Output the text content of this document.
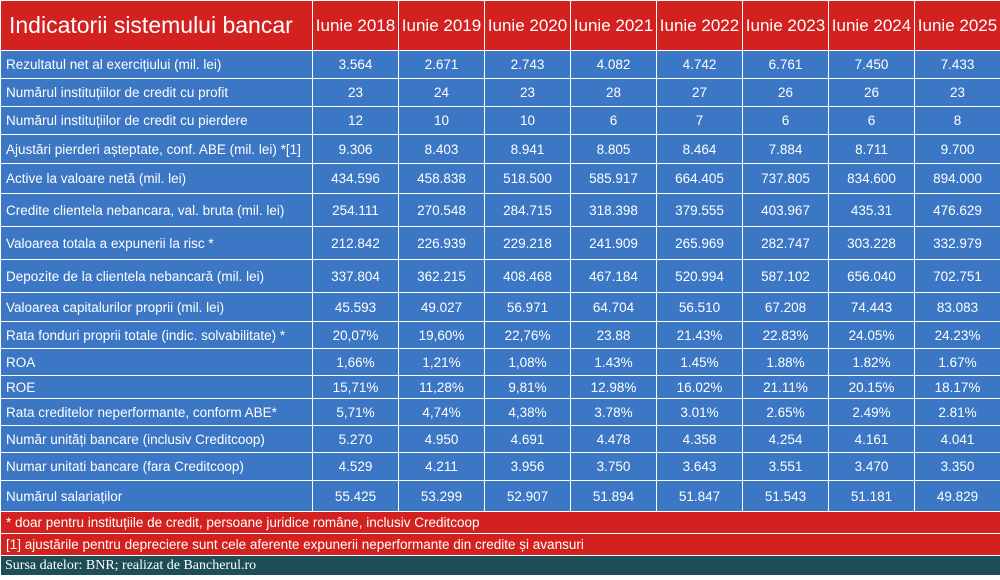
Indicatorii sistemului bancar	Iunie 2018	Iunie 2019	Iunie 2020	Iunie 2021	Iunie 2022	Iunie 2023	Iunie 2024	Iunie 2025
Rezultatul net al exercițiului (mil. lei)	3.564	2.671	2.743	4.082	4.742	6.761	7.450	7.433
Numărul instituțiilor de credit cu profit	23	24	23	28	27	26	26	23
Numărul instituțiilor de credit cu pierdere	12	10	10	6	7	6	6	8
Ajustări pierderi așteptate, conf. ABE (mil. lei) *[1]	9.306	8.403	8.941	8.805	8.464	7.884	8.711	9.700
Active la valoare netă (mil. lei)	434.596	458.838	518.500	585.917	664.405	737.805	834.600	894.000
Credite clientela nebancara, val. bruta (mil. lei)	254.111	270.548	284.715	318.398	379.555	403.967	435.31	476.629
Valoarea totala a expunerii la risc *	212.842	226.939	229.218	241.909	265.969	282.747	303.228	332.979
Depozite de la clientela nebancară (mil. lei)	337.804	362.215	408.468	467.184	520.994	587.102	656.040	702.751
Valoarea capitalurilor proprii (mil. lei)	45.593	49.027	56.971	64.704	56.510	67.208	74.443	83.083
Rata fonduri proprii totale (indic. solvabilitate) *	20,07%	19,60%	22,76%	23.88	21.43%	22.83%	24.05%	24.23%
ROA	1,66%	1,21%	1,08%	1.43%	1.45%	1.88%	1.82%	1.67%
ROE	15,71%	11,28%	9,81%	12.98%	16.02%	21.11%	20.15%	18.17%
Rata creditelor neperformante, conform ABE*	5,71%	4,74%	4,38%	3.78%	3.01%	2.65%	2.49%	2.81%
Număr unități bancare (inclusiv Creditcoop)	5.270	4.950	4.691	4.478	4.358	4.254	4.161	4.041
Numar unitati bancare (fara Creditcoop)	4.529	4.211	3.956	3.750	3.643	3.551	3.470	3.350
Numărul salariaților	55.425	53.299	52.907	51.894	51.847	51.543	51.181	49.829
* doar pentru instituțiile de credit, persoane juridice române, inclusiv Creditcoop								
[1] ajustările pentru depreciere sunt cele aferente expunerii neperformante din credite și avansuri								
Sursa datelor: BNR; realizat de Bancherul.ro								
